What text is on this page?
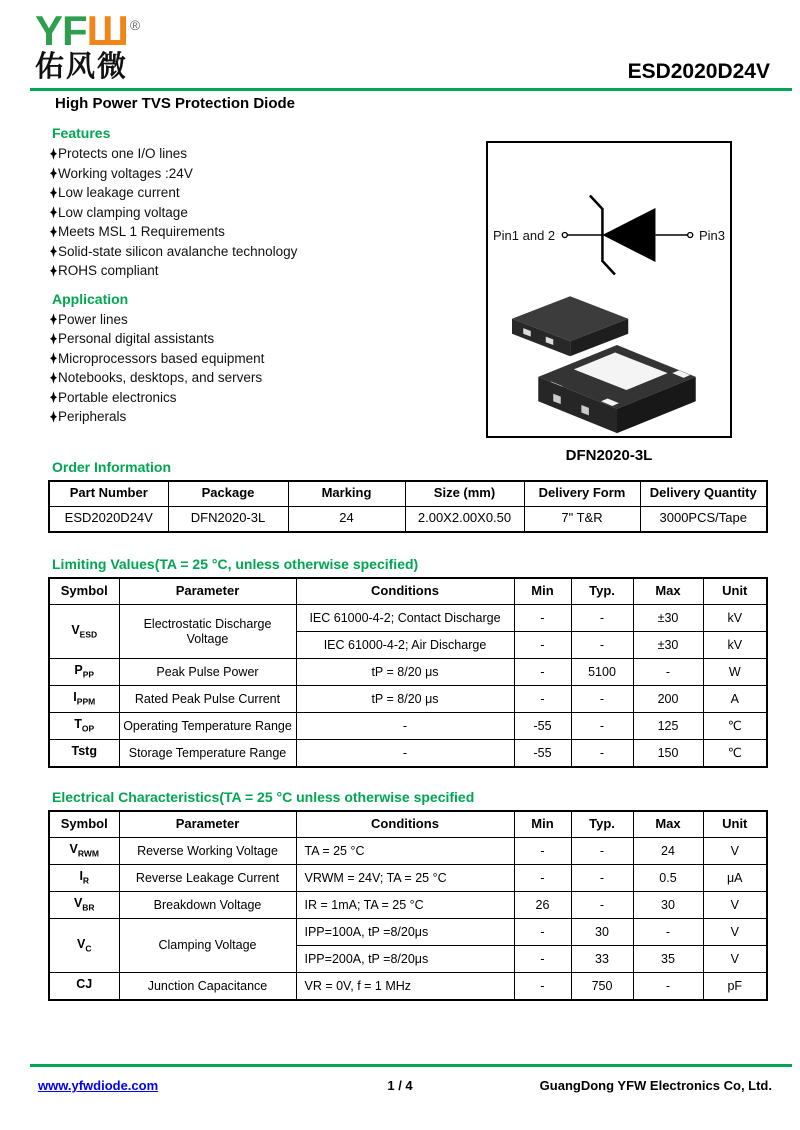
YFШ ®
佑风微	ESD2020D24V
High Power TVS Protection Diode
Features
Protects one I/O lines
Working voltages :24V
Low leakage current
Low clamping voltage
Meets MSL 1 Requirements
Solid-state silicon avalanche technology
ROHS compliant
Application
Power lines
Personal digital assistants
Microprocessors based equipment
Notebooks, desktops, and servers
Portable electronics
Peripherals
Pin1 and 2	Pin3
DFN2020-3L
Order Information
Part Number	Package	Marking	Size (mm)	Delivery Form	Delivery Quantity
ESD2020D24V	DFN2020-3L	24	2.00X2.00X0.50	7" T&R	3000PCS/Tape
Limiting Values(TA = 25 °C, unless otherwise specified)
Symbol	Parameter	Conditions	Min	Typ.	Max	Unit
$V_{ESD}$	Electrostatic Discharge Voltage	IEC 61000-4-2; Contact Discharge	-	-	±30	kV
		IEC 61000-4-2; Air Discharge	-	-	±30	kV
$P_{PP}$	Peak Pulse Power	tP = 8/20 μs	-	5100	-	W
$I_{PPM}$	Rated Peak Pulse Current	tP = 8/20 μs	-	-	200	A
$T_{OP}$	Operating Temperature Range	-	-55	-	125	℃
Tstg	Storage Temperature Range	-	-55	-	150	℃
Electrical Characteristics(TA = 25 °C unless otherwise specified
Symbol	Parameter	Conditions	Min	Typ.	Max	Unit
$V_{RWM}$	Reverse Working Voltage	TA = 25 °C	-	-	24	V
$I_R$	Reverse Leakage Current	VRWM = 24V; TA = 25 °C	-	-	0.5	μA
$V_{BR}$	Breakdown Voltage	IR = 1mA; TA = 25 °C	26	-	30	V
$V_C$	Clamping Voltage	IPP=100A, tP =8/20μs	-	30	-	V
		IPP=200A, tP =8/20μs	-	33	35	V
CJ	Junction Capacitance	VR = 0V, f = 1 MHz	-	750	-	pF
www.yfwdiode.com	1 / 4	GuangDong YFW Electronics Co, Ltd.
